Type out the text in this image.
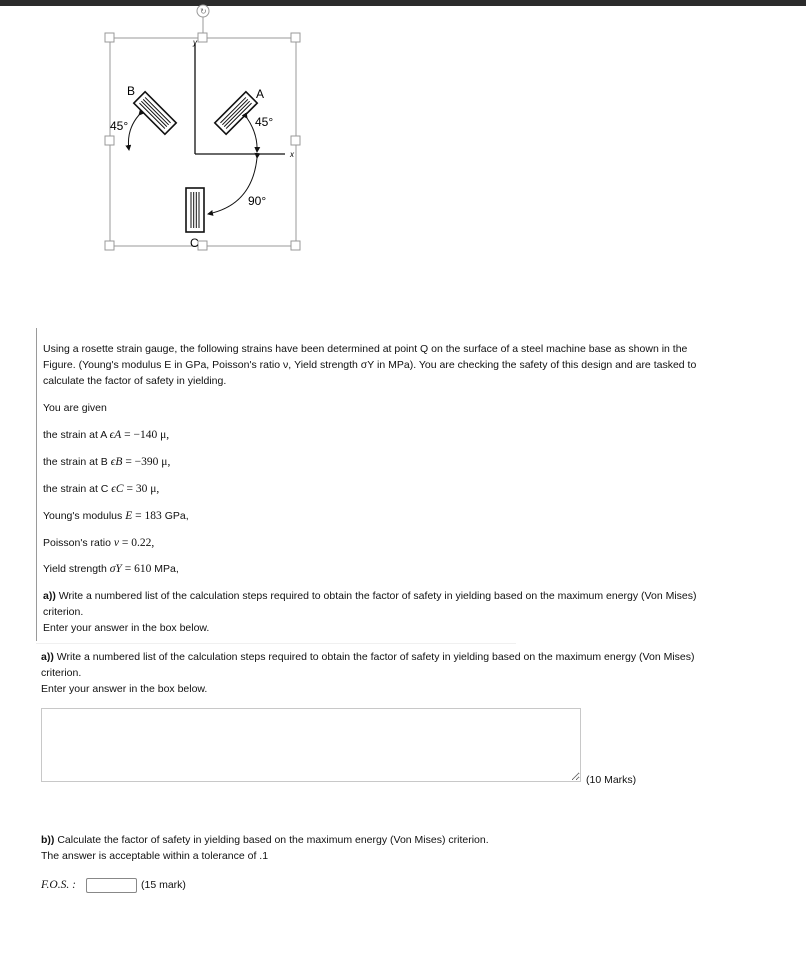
↻
y
x
B	A
C
45°	45°
90°
Using a rosette strain gauge, the following strains have been determined at point Q on the surface of a steel machine base as shown in the Figure. (Young's modulus E in GPa, Poisson's ratio ν, Yield strength σY in MPa). You are checking the safety of this design and are tasked to calculate the factor of safety in yielding.
You are given
the strain at A ϵA = −140 μ,
the strain at B ϵB = −390 μ,
the strain at C ϵC = 30 μ,
Young's modulus E = 183 GPa,
Poisson's ratio ν = 0.22,
Yield strength σY = 610 MPa,
a)) Write a numbered list of the calculation steps required to obtain the factor of safety in yielding based on the maximum energy (Von Mises)
criterion.
Enter your answer in the box below.
a)) Write a numbered list of the calculation steps required to obtain the factor of safety in yielding based on the maximum energy (Von Mises)
criterion.
Enter your answer in the box below.
(10 Marks)
b)) Calculate the factor of safety in yielding based on the maximum energy (Von Mises) criterion.
The answer is acceptable within a tolerance of .1
F.O.S. :	(15 mark)
